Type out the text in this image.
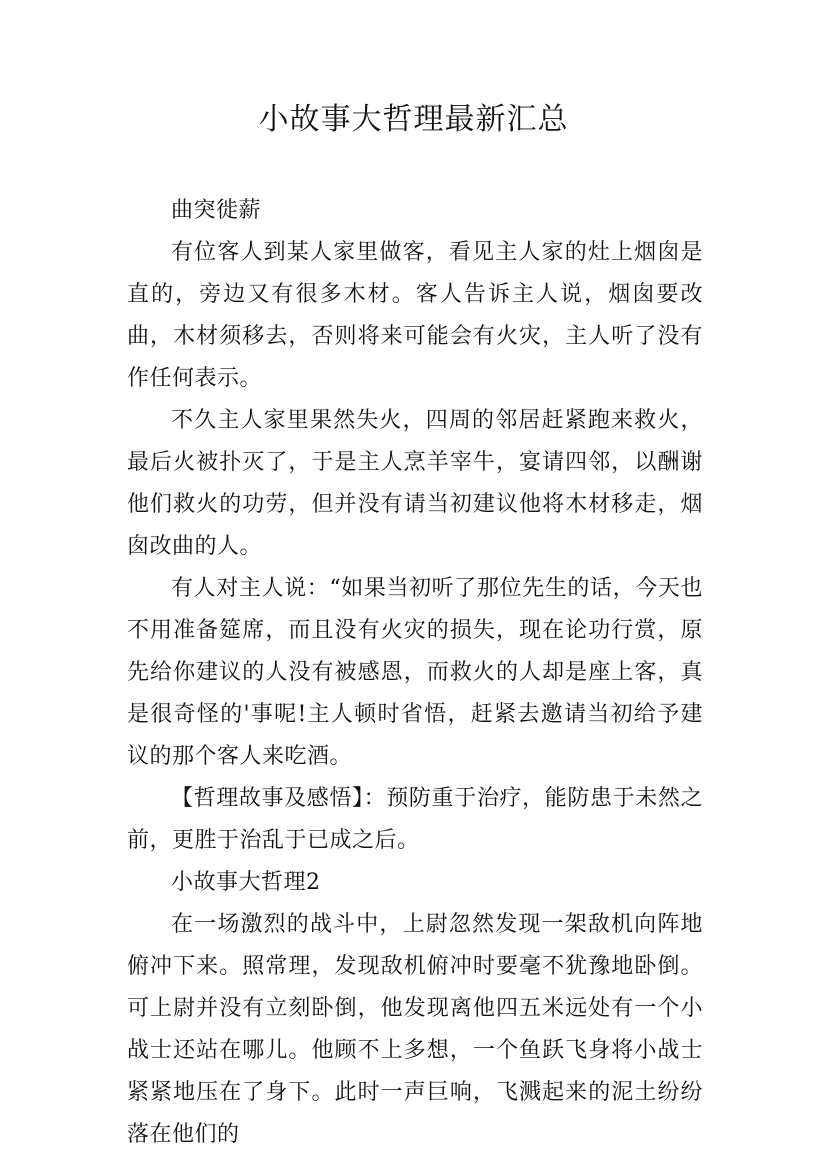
小故事大哲理最新汇总

曲突徙薪

有位客人到某人家里做客，看见主人家的灶上烟囱是直的，旁边又有很多木材。客人告诉主人说，烟囱要改曲，木材须移去，否则将来可能会有火灾，主人听了没有作任何表示。

不久主人家里果然失火，四周的邻居赶紧跑来救火，最后火被扑灭了，于是主人烹羊宰牛，宴请四邻，以酬谢他们救火的功劳，但并没有请当初建议他将木材移走，烟囱改曲的人。

有人对主人说：“如果当初听了那位先生的话，今天也不用准备筵席，而且没有火灾的损失，现在论功行赏，原先给你建议的人没有被感恩，而救火的人却是座上客，真是很奇怪的'事呢!主人顿时省悟，赶紧去邀请当初给予建议的那个客人来吃酒。

【哲理故事及感悟】：预防重于治疗，能防患于未然之前，更胜于治乱于已成之后。

小故事大哲理2

在一场激烈的战斗中，上尉忽然发现一架敌机向阵地俯冲下来。照常理，发现敌机俯冲时要毫不犹豫地卧倒。可上尉并没有立刻卧倒，他发现离他四五米远处有一个小战士还站在哪儿。他顾不上多想，一个鱼跃飞身将小战士紧紧地压在了身下。此时一声巨响，飞溅起来的泥土纷纷落在他们的
